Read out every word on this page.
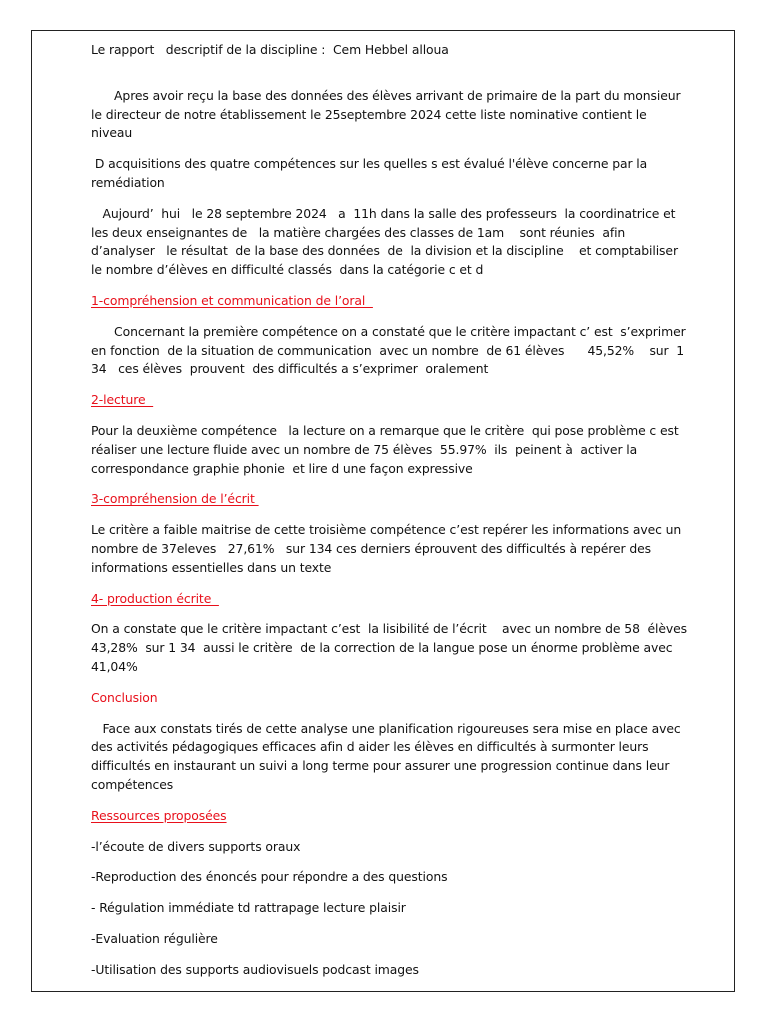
Le rapport   descriptif de la discipline :  Cem Hebbel alloua

Apres avoir reçu la base des données des élèves arrivant de primaire de la part du monsieur le directeur de notre établissement le 25septembre 2024 cette liste nominative contient le niveau

D acquisitions des quatre compétences sur les quelles s est évalué l'élève concerne par la remédiation

Aujourd’  hui   le 28 septembre 2024   a  11h dans la salle des professeurs  la coordinatrice et les deux enseignantes de   la matière chargées des classes de 1am    sont réunies  afin d’analyser   le résultat  de la base des données  de  la division et la discipline    et comptabiliser le nombre d’élèves en difficulté classés  dans la catégorie c et d

1-compréhension et communication de l’oral

Concernant la première compétence on a constaté que le critère impactant c’ est  s’exprimer en fonction  de la situation de communication  avec un nombre  de 61 élèves      45,52%    sur  1 34   ces élèves  prouvent  des difficultés a s’exprimer  oralement

2-lecture

Pour la deuxième compétence   la lecture on a remarque que le critère  qui pose problème c est réaliser une lecture fluide avec un nombre de 75 élèves  55.97%  ils  peinent à  activer la correspondance graphie phonie  et lire d une façon expressive

3-compréhension de l’écrit

Le critère a faible maitrise de cette troisième compétence c’est repérer les informations avec un nombre de 37eleves   27,61%   sur 134 ces derniers éprouvent des difficultés à repérer des informations essentielles dans un texte

4- production écrite

On a constate que le critère impactant c’est  la lisibilité de l’écrit    avec un nombre de 58  élèves 43,28%  sur 1 34  aussi le critère  de la correction de la langue pose un énorme problème avec 41,04%

Conclusion

Face aux constats tirés de cette analyse une planification rigoureuses sera mise en place avec des activités pédagogiques efficaces afin d aider les élèves en difficultés à surmonter leurs difficultés en instaurant un suivi a long terme pour assurer une progression continue dans leur compétences

Ressources proposées

-l’écoute de divers supports oraux

-Reproduction des énoncés pour répondre a des questions

- Régulation immédiate td rattrapage lecture plaisir

-Evaluation régulière

-Utilisation des supports audiovisuels podcast images
